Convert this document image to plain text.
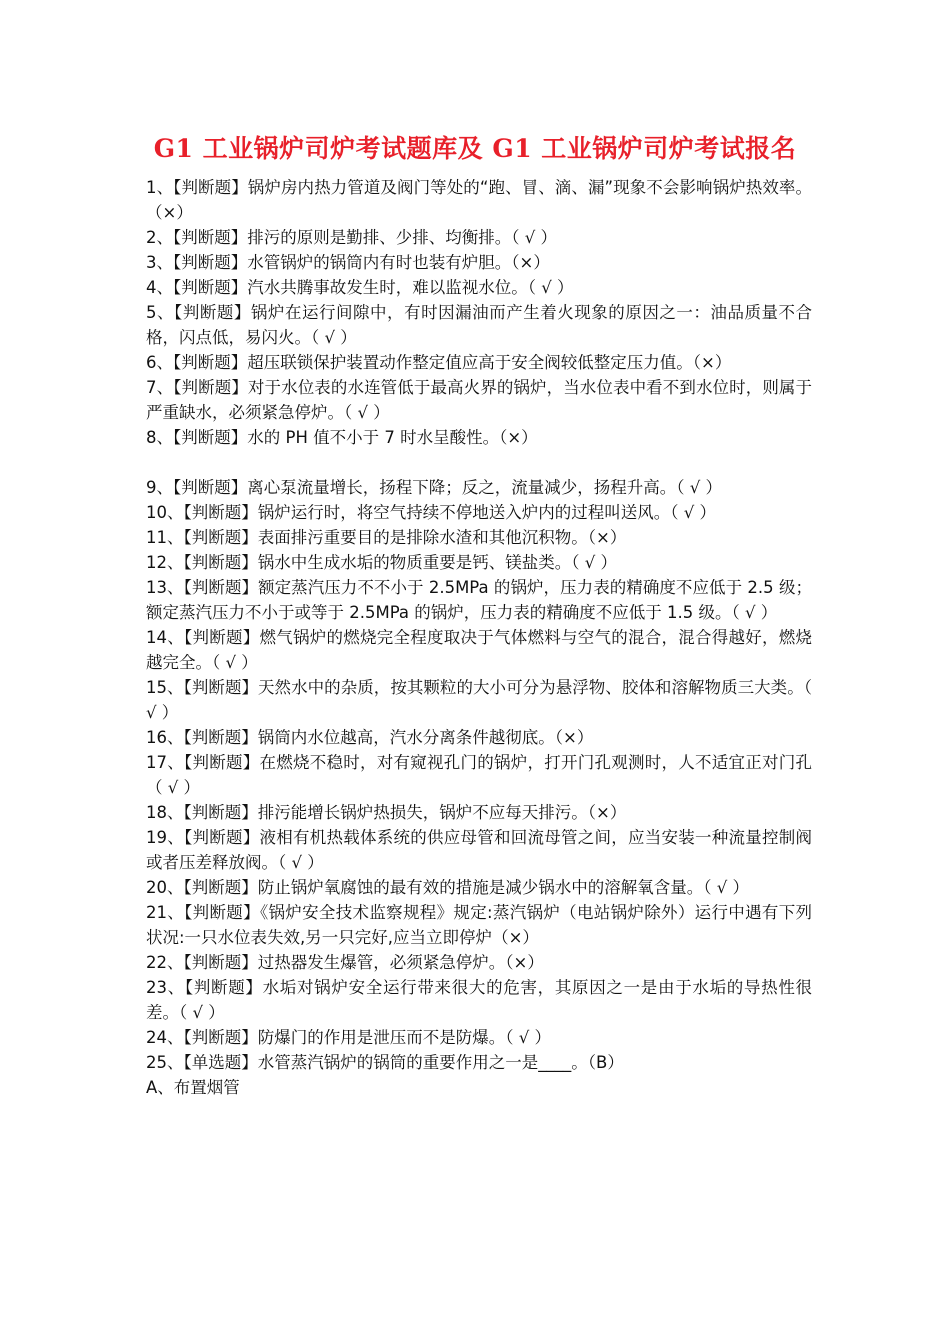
G1 工业锅炉司炉考试题库及 G1 工业锅炉司炉考试报名

1、【判断题】锅炉房内热力管道及阀门等处的“跑、冒、滴、漏”现象不会影响锅炉热效率。（×）

2、【判断题】排污的原则是勤排、少排、均衡排。（ √ ）

3、【判断题】水管锅炉的锅筒内有时也装有炉胆。（×）

4、【判断题】汽水共腾事故发生时，难以监视水位。（ √ ）

5、【判断题】锅炉在运行间隙中，有时因漏油而产生着火现象的原因之一：油品质量不合格，闪点低，易闪火。（ √ ）

6、【判断题】超压联锁保护装置动作整定值应高于安全阀较低整定压力值。（×）

7、【判断题】对于水位表的水连管低于最高火界的锅炉，当水位表中看不到水位时，则属于严重缺水，必须紧急停炉。（ √ ）

8、【判断题】水的 PH 值不小于 7 时水呈酸性。（×）

9、【判断题】离心泵流量增长，扬程下降；反之，流量减少，扬程升高。（ √ ）

10、【判断题】锅炉运行时，将空气持续不停地送入炉内的过程叫送风。（ √ ）

11、【判断题】表面排污重要目的是排除水渣和其他沉积物。（×）

12、【判断题】锅水中生成水垢的物质重要是钙、镁盐类。（ √ ）

13、【判断题】额定蒸汽压力不不小于 2.5MPa 的锅炉，压力表的精确度不应低于 2.5 级；额定蒸汽压力不小于或等于 2.5MPa 的锅炉，压力表的精确度不应低于 1.5 级。（ √ ）

14、【判断题】燃气锅炉的燃烧完全程度取决于气体燃料与空气的混合，混合得越好，燃烧越完全。（ √ ）

15、【判断题】天然水中的杂质，按其颗粒的大小可分为悬浮物、胶体和溶解物质三大类。（ √ ）

16、【判断题】锅筒内水位越高，汽水分离条件越彻底。（×）

17、【判断题】在燃烧不稳时，对有窥视孔门的锅炉，打开门孔观测时，人不适宜正对门孔（ √ ）

18、【判断题】排污能增长锅炉热损失，锅炉不应每天排污。（×）

19、【判断题】液相有机热载体系统的供应母管和回流母管之间，应当安装一种流量控制阀或者压差释放阀。（ √ ）

20、【判断题】防止锅炉氧腐蚀的最有效的措施是减少锅水中的溶解氧含量。（ √ ）

21、【判断题】《锅炉安全技术监察规程》规定:蒸汽锅炉（电站锅炉除外）运行中遇有下列状况:一只水位表失效,另一只完好,应当立即停炉（×）

22、【判断题】过热器发生爆管，必须紧急停炉。（×）

23、【判断题】水垢对锅炉安全运行带来很大的危害，其原因之一是由于水垢的导热性很差。（ √ ）

24、【判断题】防爆门的作用是泄压而不是防爆。（ √ ）

25、【单选题】水管蒸汽锅炉的锅筒的重要作用之一是____。（B）

A、布置烟管
